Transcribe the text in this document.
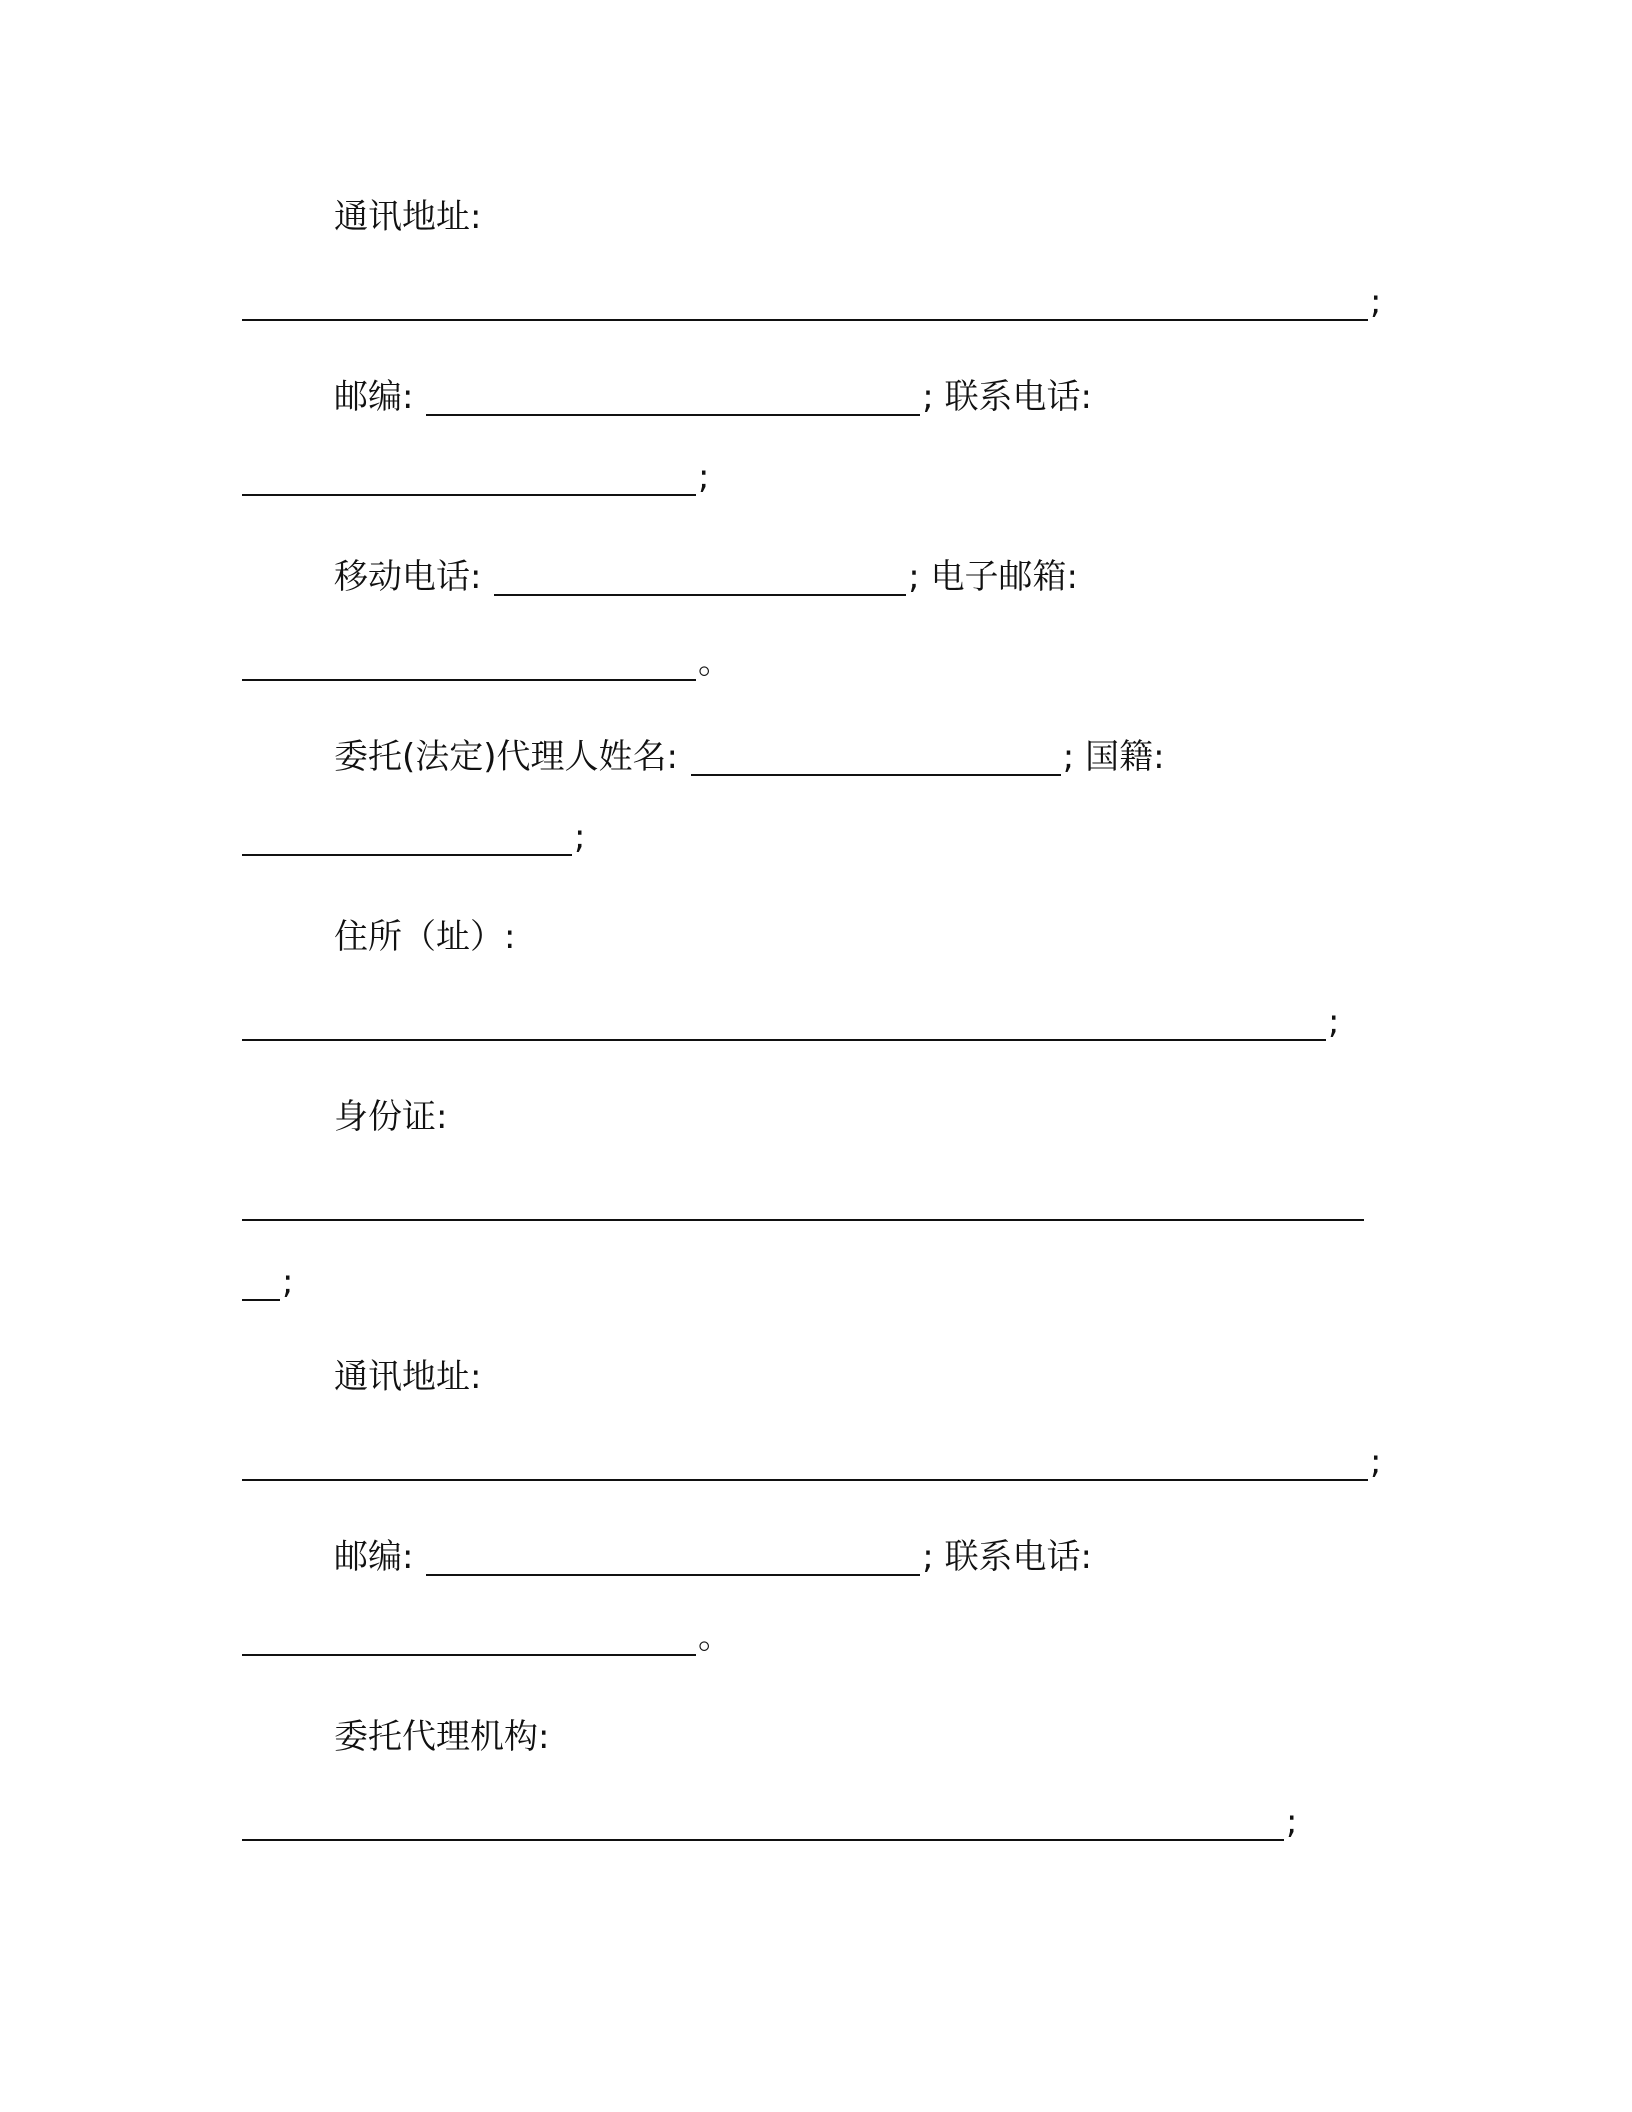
通讯地址:
;
邮编:	; 联系电话:
;
移动电话:	; 电子邮箱:
。
委托(法定)代理人姓名:	; 国籍:
;
住所（址）:
;
身份证:
;
通讯地址:
;
邮编:	; 联系电话:
。
委托代理机构:
;
